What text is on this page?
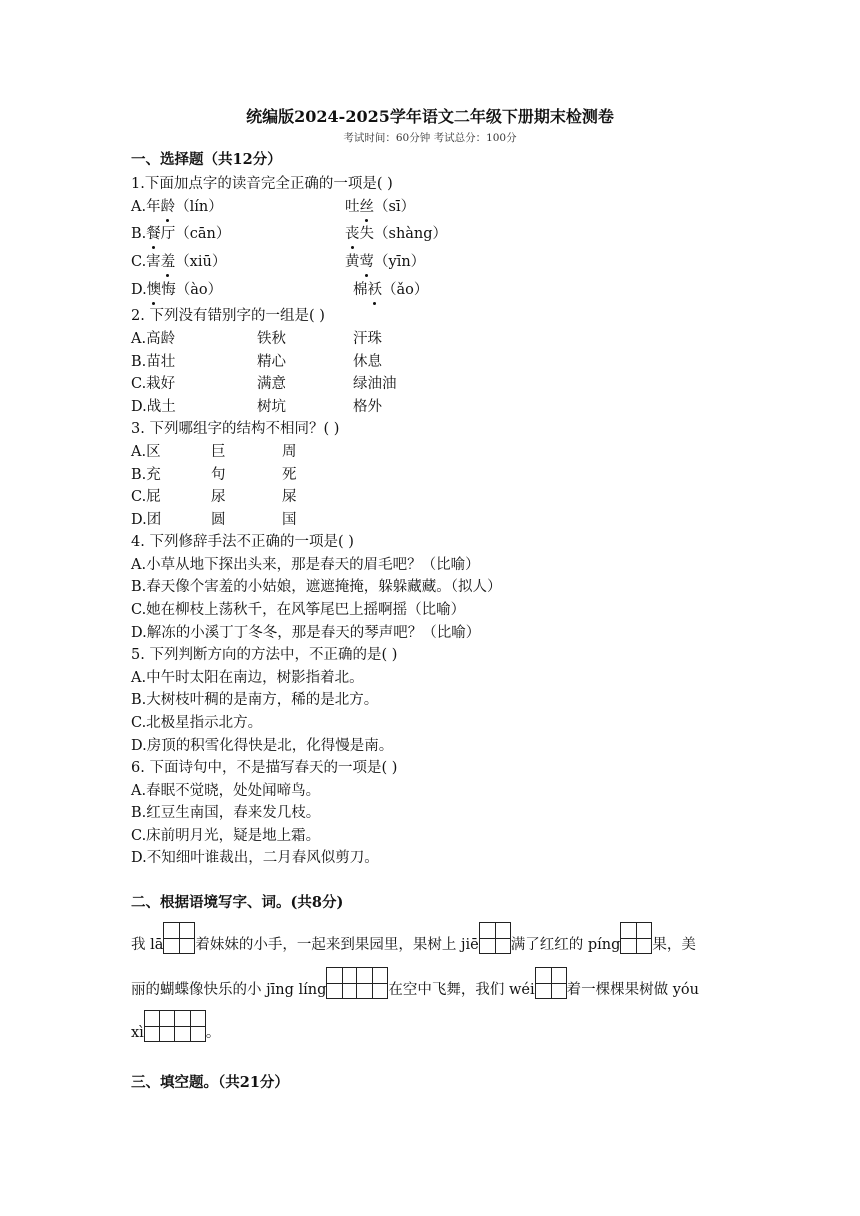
统编版2024-2025学年语文二年级下册期末检测卷
考试时间：60分钟 考试总分：100分
一、选择题（共12分）
1.下面加点字的读音完全正确的一项是( )
A.年龄（lín）	吐丝（sī）
B.餐厅（cān）	丧失（shàng）
C.害羞（xiū）	黄莺（yīn）
D.懊悔（ào）	棉袄（ǎo）
2. 下列没有错别字的一组是( )
A.高龄	铁秋	汗珠
B.苗壮	精心	休息
C.栽好	满意	绿油油
D.战土	树坑	格外
3. 下列哪组字的结构不相同？( )
A.区	巨	周
B.充	句	死
C.屁	尿	屎
D.团	圆	国
4. 下列修辞手法不正确的一项是( )
A.小草从地下探出头来，那是春天的眉毛吧？（比喻）
B.春天像个害羞的小姑娘，遮遮掩掩，躲躲藏藏。（拟人）
C.她在柳枝上荡秋千，在风筝尾巴上摇啊摇（比喻）
D.解冻的小溪丁丁冬冬，那是春天的琴声吧？（比喻）
5. 下列判断方向的方法中，不正确的是( )
A.中午时太阳在南边，树影指着北。
B.大树枝叶稠的是南方，稀的是北方。
C.北极星指示北方。
D.房顶的积雪化得快是北，化得慢是南。
6. 下面诗句中，不是描写春天的一项是( )
A.春眠不觉晓，处处闻啼鸟。
B.红豆生南国，春来发几枝。
C.床前明月光，疑是地上霜。
D.不知细叶谁裁出，二月春风似剪刀。
二、根据语境写字、词。(共8分)
我 lā 着妹妹的小手，一起来到果园里，果树上 jiē 满了红红的 píng 果，美
丽的蝴蝶像快乐的小 jīng líng	在空中飞舞，我们 wéi 着一棵棵果树做 yóu
xì	。
三、填空题。（共21分）
